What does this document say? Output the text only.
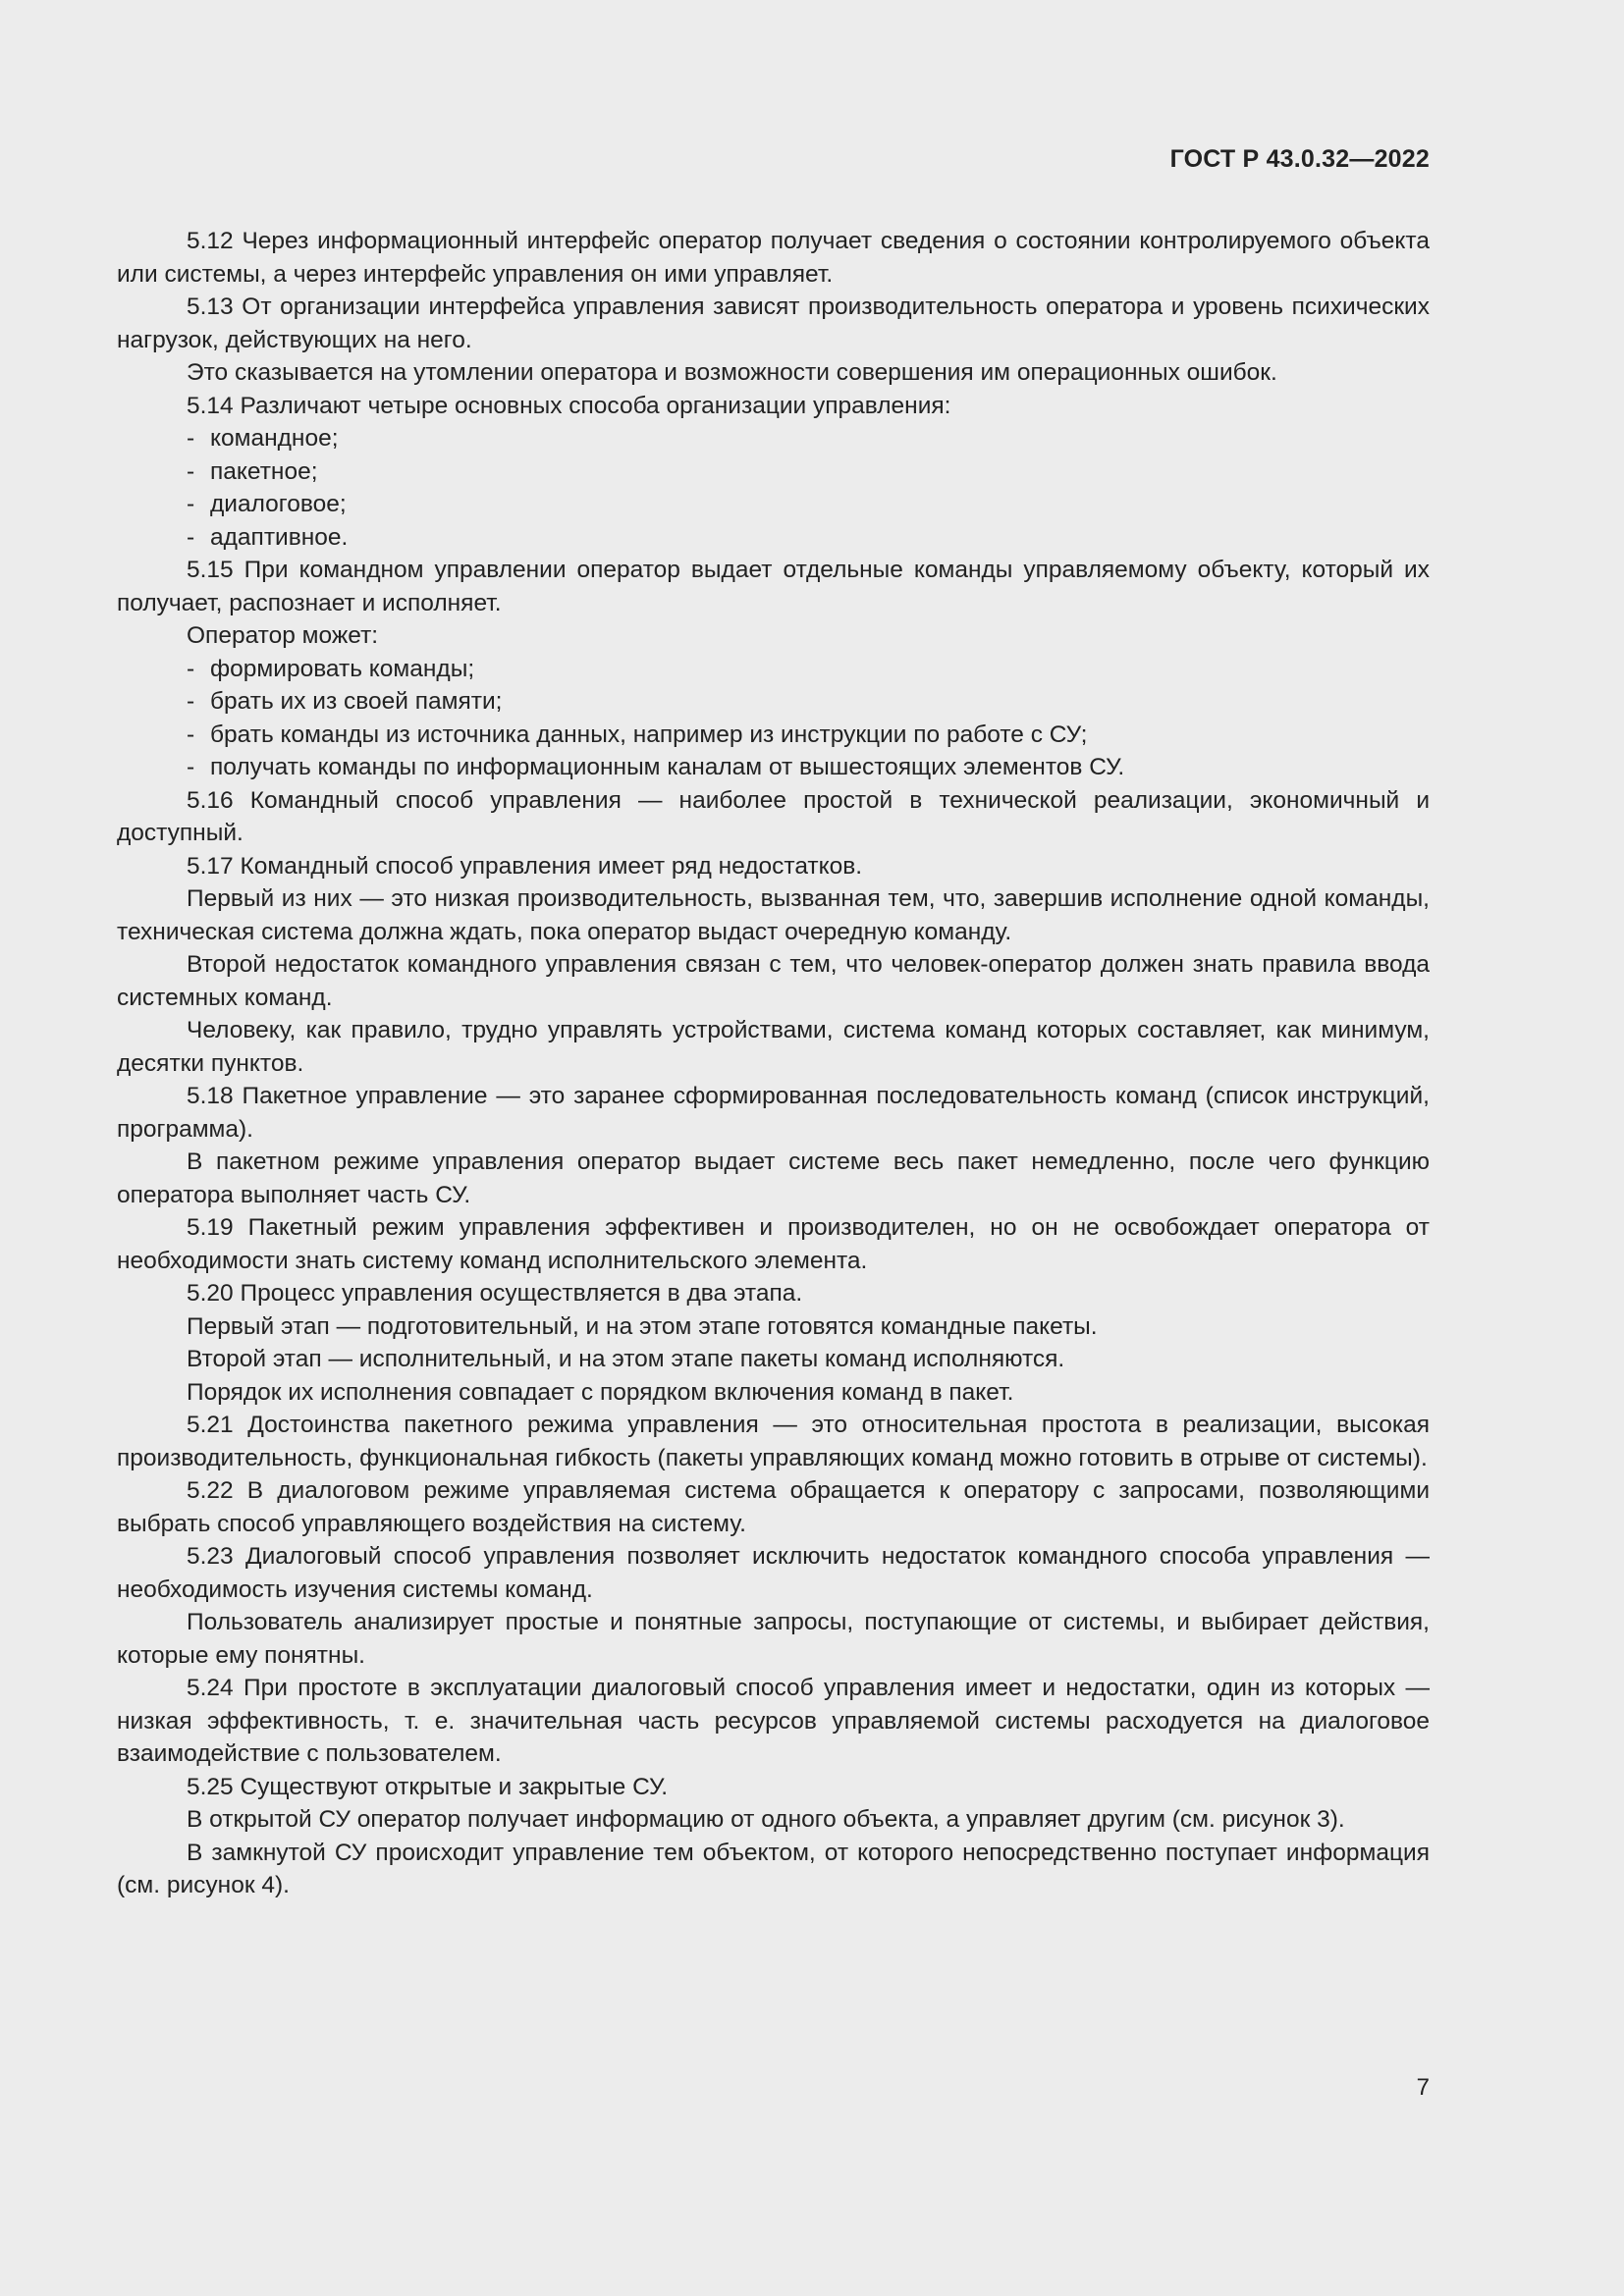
ГОСТ Р 43.0.32—2022

5.12 Через информационный интерфейс оператор получает сведения о состоянии контролируемого объекта или системы, а через интерфейс управления он ими управляет.

5.13 От организации интерфейса управления зависят производительность оператора и уровень психических нагрузок, действующих на него.

Это сказывается на утомлении оператора и возможности совершения им операционных ошибок.

5.14 Различают четыре основных способа организации управления:

- командное;

- пакетное;

- диалоговое;

- адаптивное.

5.15 При командном управлении оператор выдает отдельные команды управляемому объекту, который их получает, распознает и исполняет.

Оператор может:

- формировать команды;

- брать их из своей памяти;

- брать команды из источника данных, например из инструкции по работе с СУ;

- получать команды по информационным каналам от вышестоящих элементов СУ.

5.16 Командный способ управления — наиболее простой в технической реализации, экономичный и доступный.

5.17 Командный способ управления имеет ряд недостатков.

Первый из них — это низкая производительность, вызванная тем, что, завершив исполнение одной команды, техническая система должна ждать, пока оператор выдаст очередную команду.

Второй недостаток командного управления связан с тем, что человек-оператор должен знать правила ввода системных команд.

Человеку, как правило, трудно управлять устройствами, система команд которых составляет, как минимум, десятки пунктов.

5.18 Пакетное управление — это заранее сформированная последовательность команд (список инструкций, программа).

В пакетном режиме управления оператор выдает системе весь пакет немедленно, после чего функцию оператора выполняет часть СУ.

5.19 Пакетный режим управления эффективен и производителен, но он не освобождает оператора от необходимости знать систему команд исполнительского элемента.

5.20 Процесс управления осуществляется в два этапа.

Первый этап — подготовительный, и на этом этапе готовятся командные пакеты.

Второй этап — исполнительный, и на этом этапе пакеты команд исполняются.

Порядок их исполнения совпадает с порядком включения команд в пакет.

5.21 Достоинства пакетного режима управления — это относительная простота в реализации, высокая производительность, функциональная гибкость (пакеты управляющих команд можно готовить в отрыве от системы).

5.22 В диалоговом режиме управляемая система обращается к оператору с запросами, позволяющими выбрать способ управляющего воздействия на систему.

5.23 Диалоговый способ управления позволяет исключить недостаток командного способа управления — необходимость изучения системы команд.

Пользователь анализирует простые и понятные запросы, поступающие от системы, и выбирает действия, которые ему понятны.

5.24 При простоте в эксплуатации диалоговый способ управления имеет и недостатки, один из которых — низкая эффективность, т. е. значительная часть ресурсов управляемой системы расходуется на диалоговое взаимодействие с пользователем.

5.25 Существуют открытые и закрытые СУ.

В открытой СУ оператор получает информацию от одного объекта, а управляет другим (см. рисунок 3).

В замкнутой СУ происходит управление тем объектом, от которого непосредственно поступает информация (см. рисунок 4).

7
